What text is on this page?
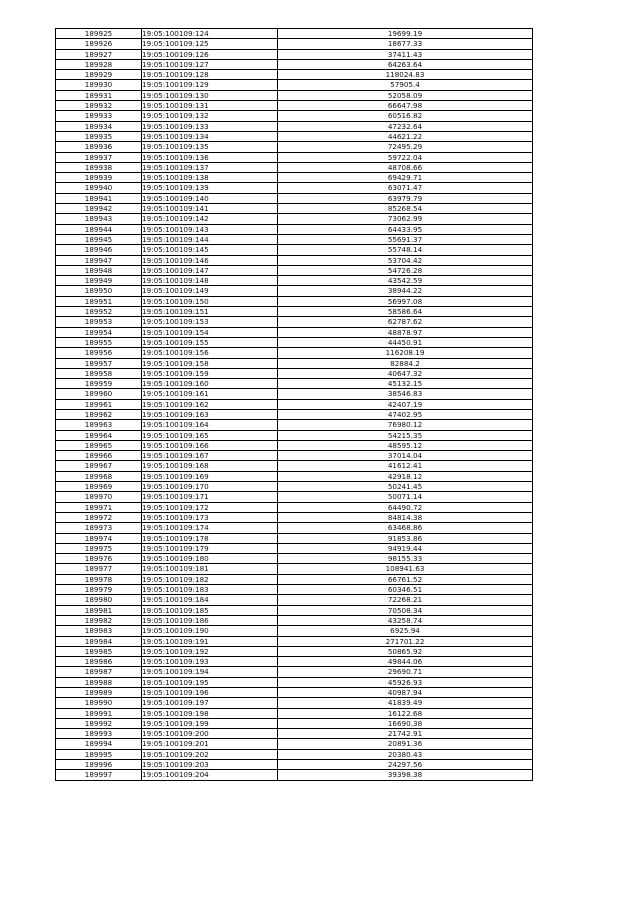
189925	19:05:100109:124	19699.19
189926	19:05:100109:125	18677.33
189927	19:05:100109:126	37411.43
189928	19:05:100109:127	64263.64
189929	19:05:100109:128	118024.83
189930	19:05:100109:129	57905.4
189931	19:05:100109:130	52058.09
189932	19:05:100109:131	66647.98
189933	19:05:100109:132	60516.82
189934	19:05:100109:133	47232.64
189935	19:05:100109:134	44621.22
189936	19:05:100109:135	72495.29
189937	19:05:100109:136	59722.04
189938	19:05:100109:137	48708.66
189939	19:05:100109:138	69429.71
189940	19:05:100109:139	63071.47
189941	19:05:100109:140	63979.79
189942	19:05:100109:141	85268.54
189943	19:05:100109:142	73062.99
189944	19:05:100109:143	64433.95
189945	19:05:100109:144	55691.37
189946	19:05:100109:145	55748.14
189947	19:05:100109:146	53704.42
189948	19:05:100109:147	54726.28
189949	19:05:100109:148	43542.59
189950	19:05:100109:149	38944.22
189951	19:05:100109:150	56997.08
189952	19:05:100109:151	58586.64
189953	19:05:100109:153	62787.62
189954	19:05:100109:154	48878.97
189955	19:05:100109:155	44450.91
189956	19:05:100109:156	116208.19
189957	19:05:100109:158	82884.2
189958	19:05:100109:159	40647.32
189959	19:05:100109:160	45132.15
189960	19:05:100109:161	38546.83
189961	19:05:100109:162	42407.19
189962	19:05:100109:163	47402.95
189963	19:05:100109:164	76980.12
189964	19:05:100109:165	54215.35
189965	19:05:100109:166	48595.12
189966	19:05:100109:167	37014.04
189967	19:05:100109:168	41612.41
189968	19:05:100109:169	42918.12
189969	19:05:100109:170	50241.45
189970	19:05:100109:171	50071.14
189971	19:05:100109:172	64490.72
189972	19:05:100109:173	84814.38
189973	19:05:100109:174	63468.86
189974	19:05:100109:178	91853.86
189975	19:05:100109:179	94919.44
189976	19:05:100109:180	98155.33
189977	19:05:100109:181	108941.63
189978	19:05:100109:182	66761.52
189979	19:05:100109:183	60346.51
189980	19:05:100109:184	72268.21
189981	19:05:100109:185	70508.34
189982	19:05:100109:186	43258.74
189983	19:05:100109:190	6925.94
189984	19:05:100109:191	271701.22
189985	19:05:100109:192	50865.92
189986	19:05:100109:193	49844.06
189987	19:05:100109:194	29690.71
189988	19:05:100109:195	45926.93
189989	19:05:100109:196	40987.94
189990	19:05:100109:197	41839.49
189991	19:05:100109:198	16122.68
189992	19:05:100109:199	16690.38
189993	19:05:100109:200	21742.91
189994	19:05:100109:201	20891.36
189995	19:05:100109:202	20380.43
189996	19:05:100109:203	24297.56
189997	19:05:100109:204	39398.38
